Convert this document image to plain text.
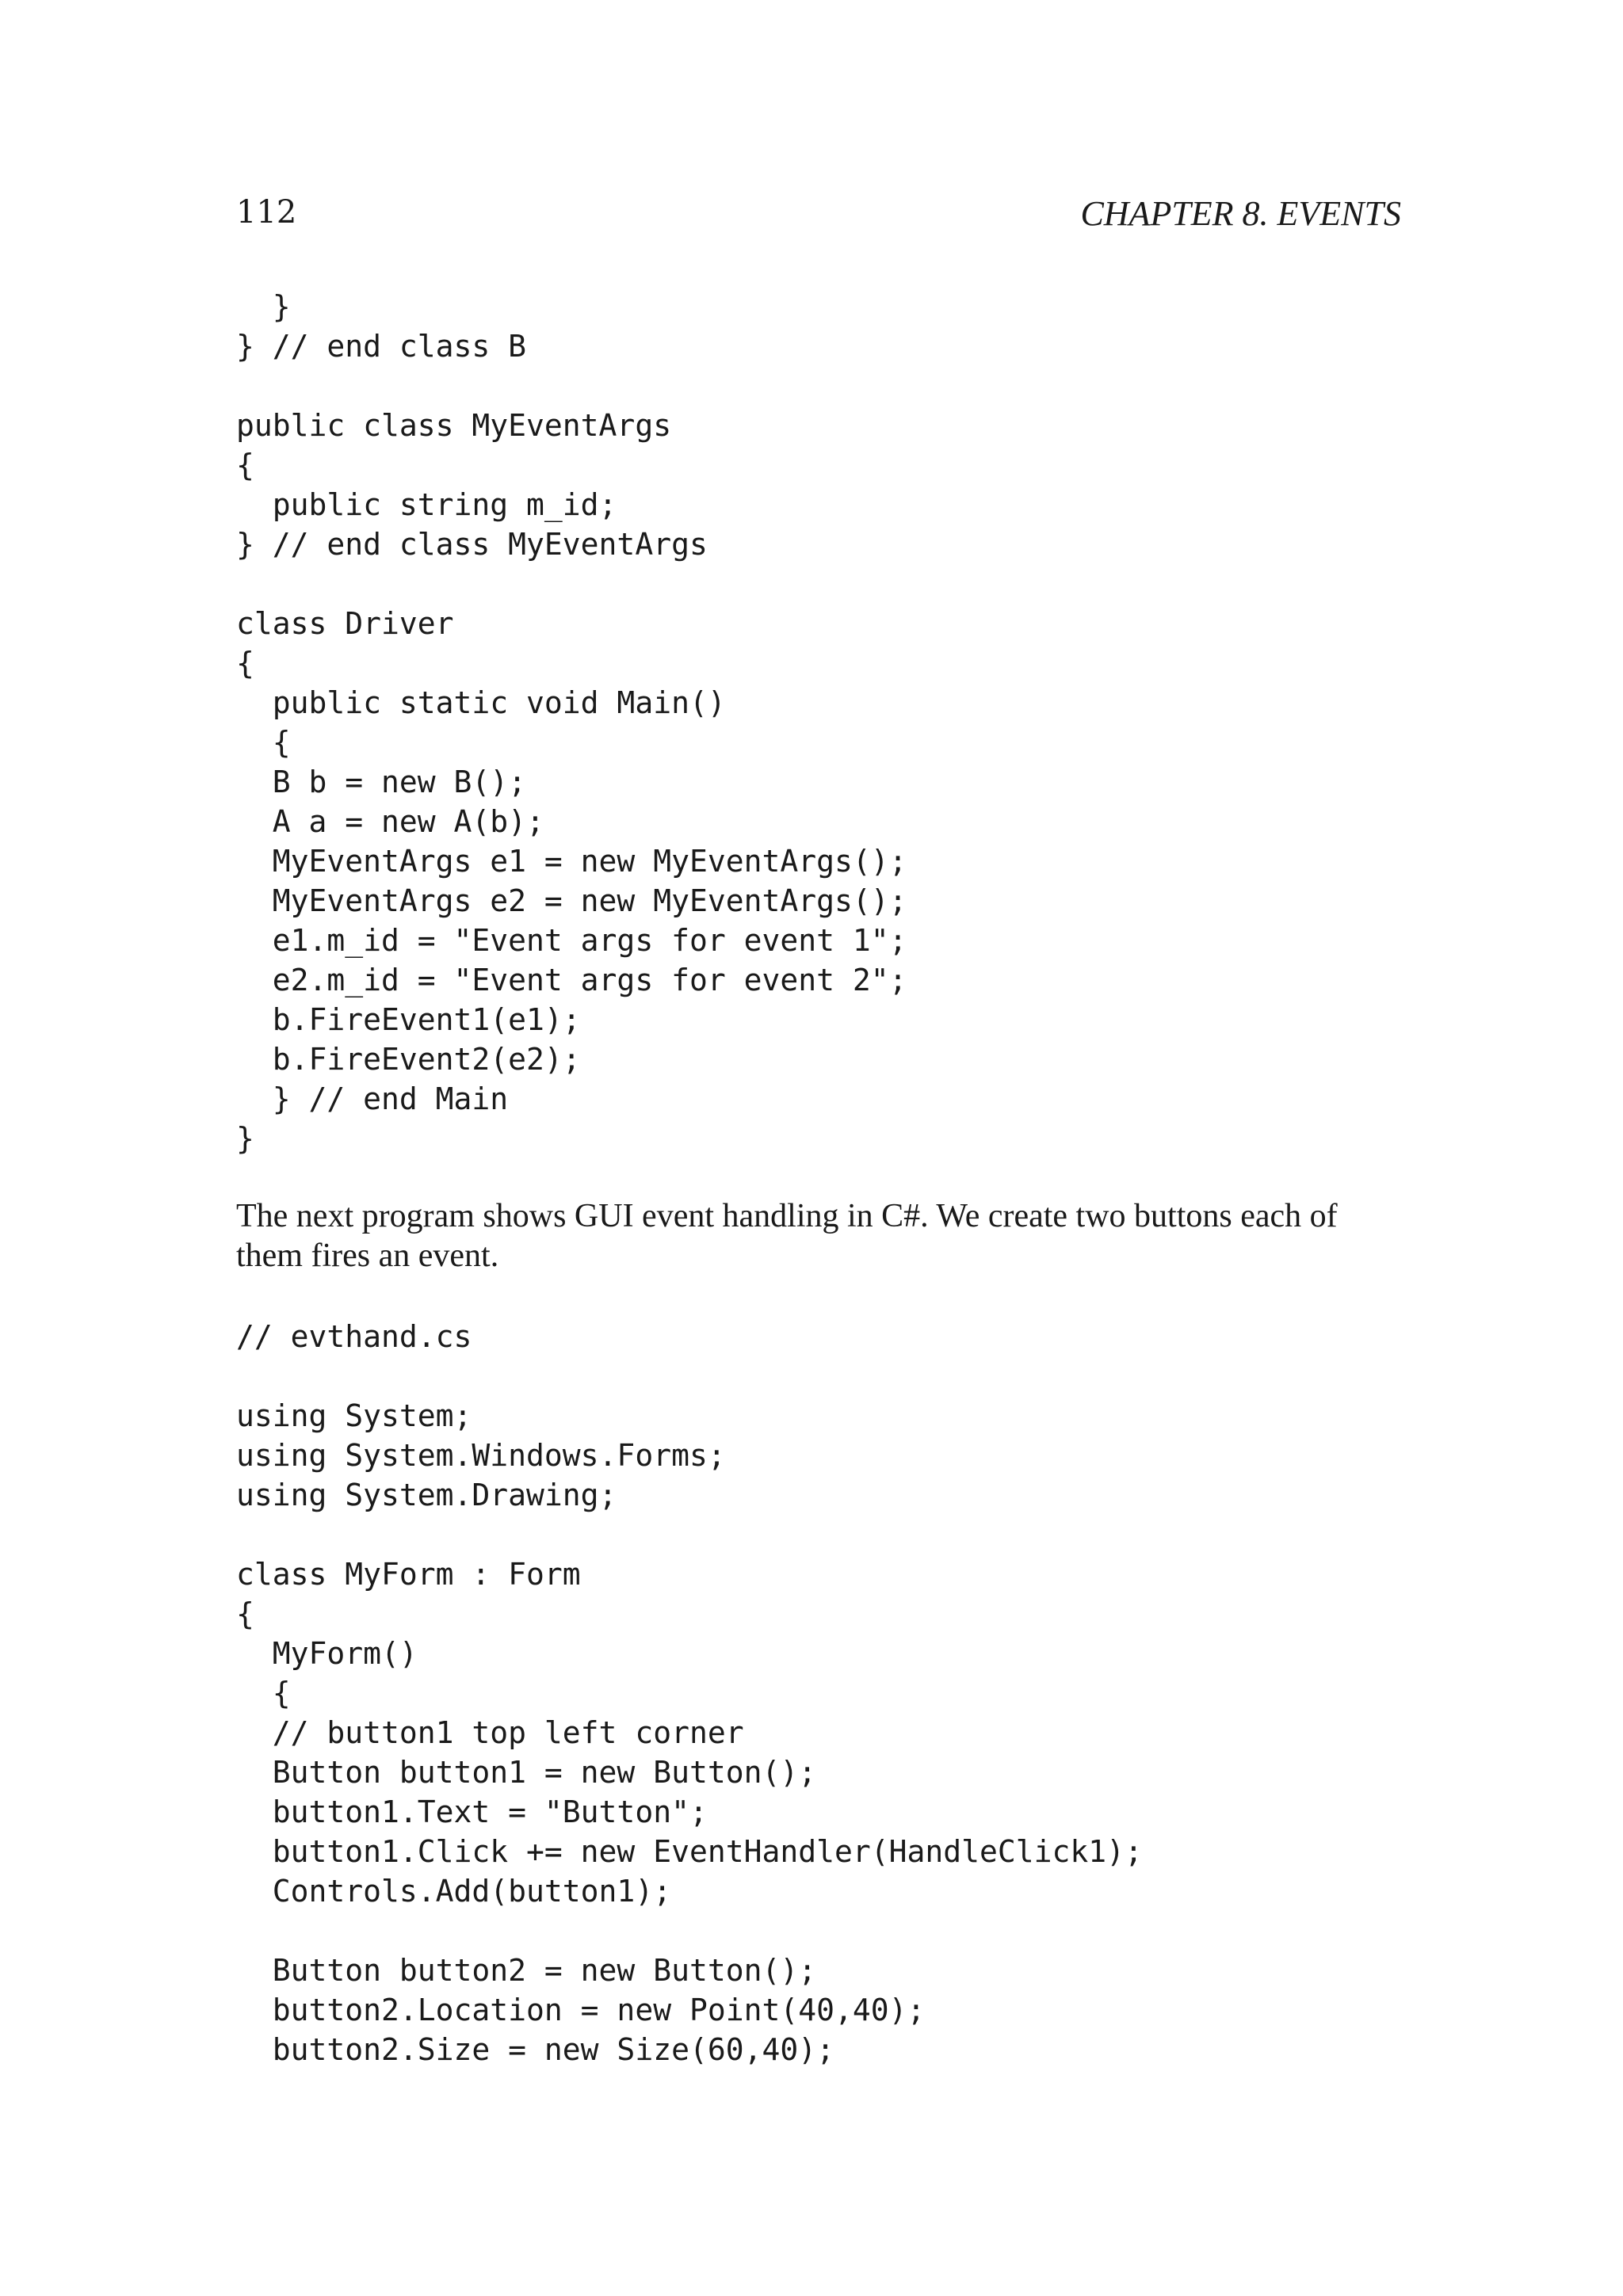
112	CHAPTER 8. EVENTS
}
} // end class B
public class MyEventArgs
{
public string m_id;
} // end class MyEventArgs
class Driver
{
public static void Main()
{
B b = new B();
A a = new A(b);
MyEventArgs e1 = new MyEventArgs();
MyEventArgs e2 = new MyEventArgs();
e1.m_id = "Event args for event 1";
e2.m_id = "Event args for event 2";
b.FireEvent1(e1);
b.FireEvent2(e2);
} // end Main
}

The next program shows GUI event handling in C#. We create two buttons each of them fires an event.

// evthand.cs
using System;
using System.Windows.Forms;
using System.Drawing;
class MyForm : Form
{
MyForm()
{
// button1 top left corner
Button button1 = new Button();
button1.Text = "Button";
button1.Click += new EventHandler(HandleClick1);
Controls.Add(button1);
Button button2 = new Button();
button2.Location = new Point(40,40);
button2.Size = new Size(60,40);
